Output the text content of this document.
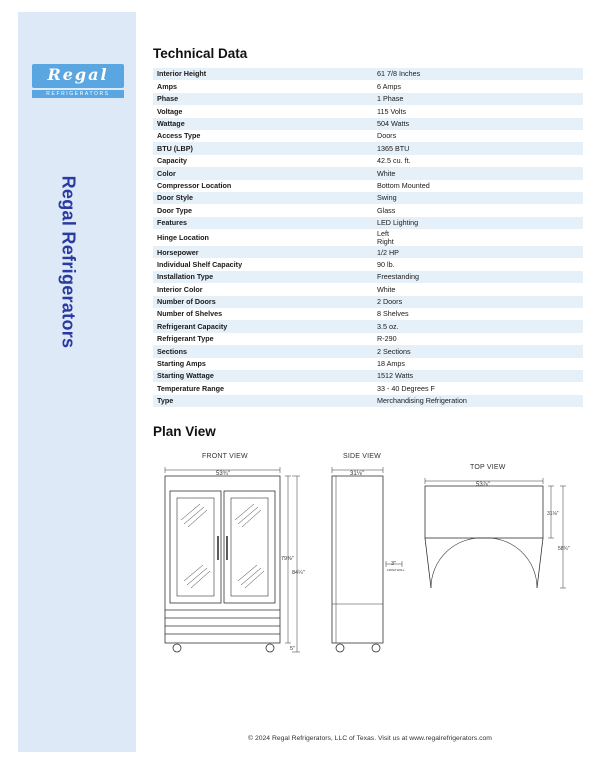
Regal
REFRIGERATORS
Regal Refrigerators
Technical Data
Interior Height	61 7/8 Inches
Amps	6 Amps
Phase	1 Phase
Voltage	115 Volts
Wattage	504 Watts
Access Type	Doors
BTU (LBP)	1365 BTU
Capacity	42.5 cu. ft.
Color	White
Compressor Location	Bottom Mounted
Door Style	Swing
Door Type	Glass
Features	LED Lighting
Hinge Location	Left
Right

Horsepower	1/2 HP
Individual Shelf Capacity	90 lb.
Installation Type	Freestanding
Interior Color	White
Number of Doors	2 Doors
Number of Shelves	8 Shelves
Refrigerant Capacity	3.5 oz.
Refrigerant Type	R-290
Sections	2 Sections
Starting Amps	18 Amps
Starting Wattage	1512 Watts
Temperature Range	33 - 40 Degrees F
Type	Merchandising Refrigeration
Plan View
FRONT VIEW	SIDE VIEW
TOP VIEW
53¾"
79⅜"
84¼"
5"
31⅛"
3"
FROM WALL
53⅞"
31⅛"
58¾"
© 2024 Regal Refrigerators, LLC of Texas. Visit us at www.regalrefrigerators.com
